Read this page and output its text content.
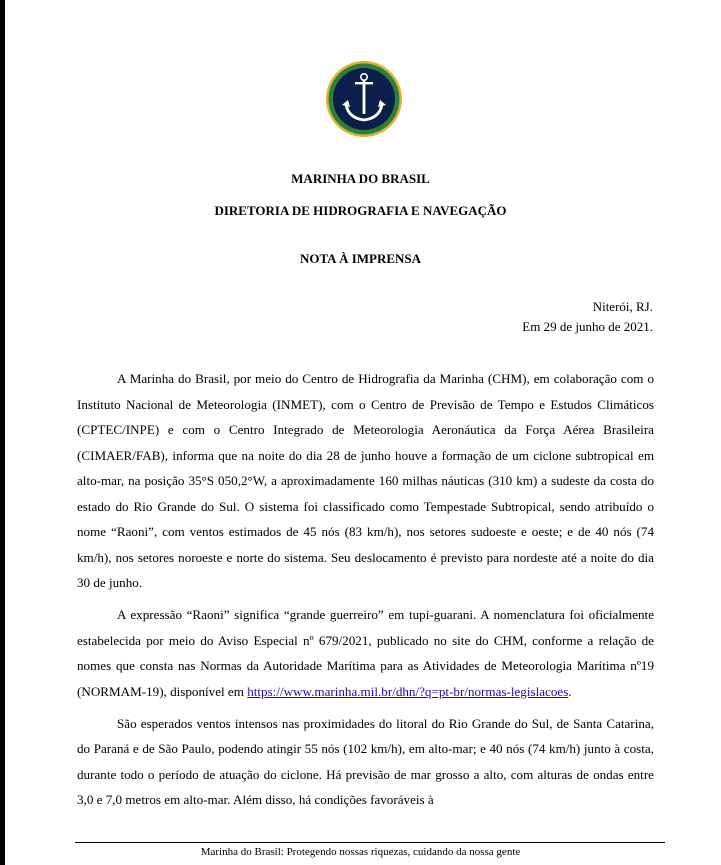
MARINHA DO BRASIL
DIRETORIA DE HIDROGRAFIA E NAVEGAÇÃO
NOTA À IMPRENSA
Niterói, RJ.
Em 29 de junho de 2021.

A Marinha do Brasil, por meio do Centro de Hidrografia da Marinha (CHM), em colaboração com o Instituto Nacional de Meteorologia (INMET), com o Centro de Previsão de Tempo e Estudos Climáticos (CPTEC/INPE) e com o Centro Integrado de Meteorologia Aeronáutica da Força Aérea Brasileira (CIMAER/FAB), informa que na noite do dia 28 de junho houve a formação de um ciclone subtropical em alto-mar, na posição 35°S 050,2°W, a aproximadamente 160 milhas náuticas (310 km) a sudeste da costa do estado do Rio Grande do Sul. O sistema foi classificado como Tempestade Subtropical, sendo atribuído o nome “Raoni”, com ventos estimados de 45 nós (83 km/h), nos setores sudoeste e oeste; e de 40 nós (74 km/h), nos setores noroeste e norte do sistema. Seu deslocamento é previsto para nordeste até a noite do dia 30 de junho.

A expressão “Raoni” significa “grande guerreiro” em tupi-guarani. A nomenclatura foi oficialmente estabelecida por meio do Aviso Especial nº 679/2021, publicado no site do CHM, conforme a relação de nomes que consta nas Normas da Autoridade Marítima para as Atividades de Meteorologia Marítima nº19 (NORMAM-19), disponível em https://www.marinha.mil.br/dhn/?q=pt-br/normas-legislacoes.

São esperados ventos intensos nas proximidades do litoral do Rio Grande do Sul, de Santa Catarina, do Paraná e de São Paulo, podendo atingir 55 nós (102 km/h), em alto-mar; e 40 nós (74 km/h) junto à costa, durante todo o período de atuação do ciclone. Há previsão de mar grosso a alto, com alturas de ondas entre 3,0 e 7,0 metros em alto-mar. Além disso, há condições favoráveis à

Marinha do Brasil: Protegendo nossas riquezas, cuidando da nossa gente
